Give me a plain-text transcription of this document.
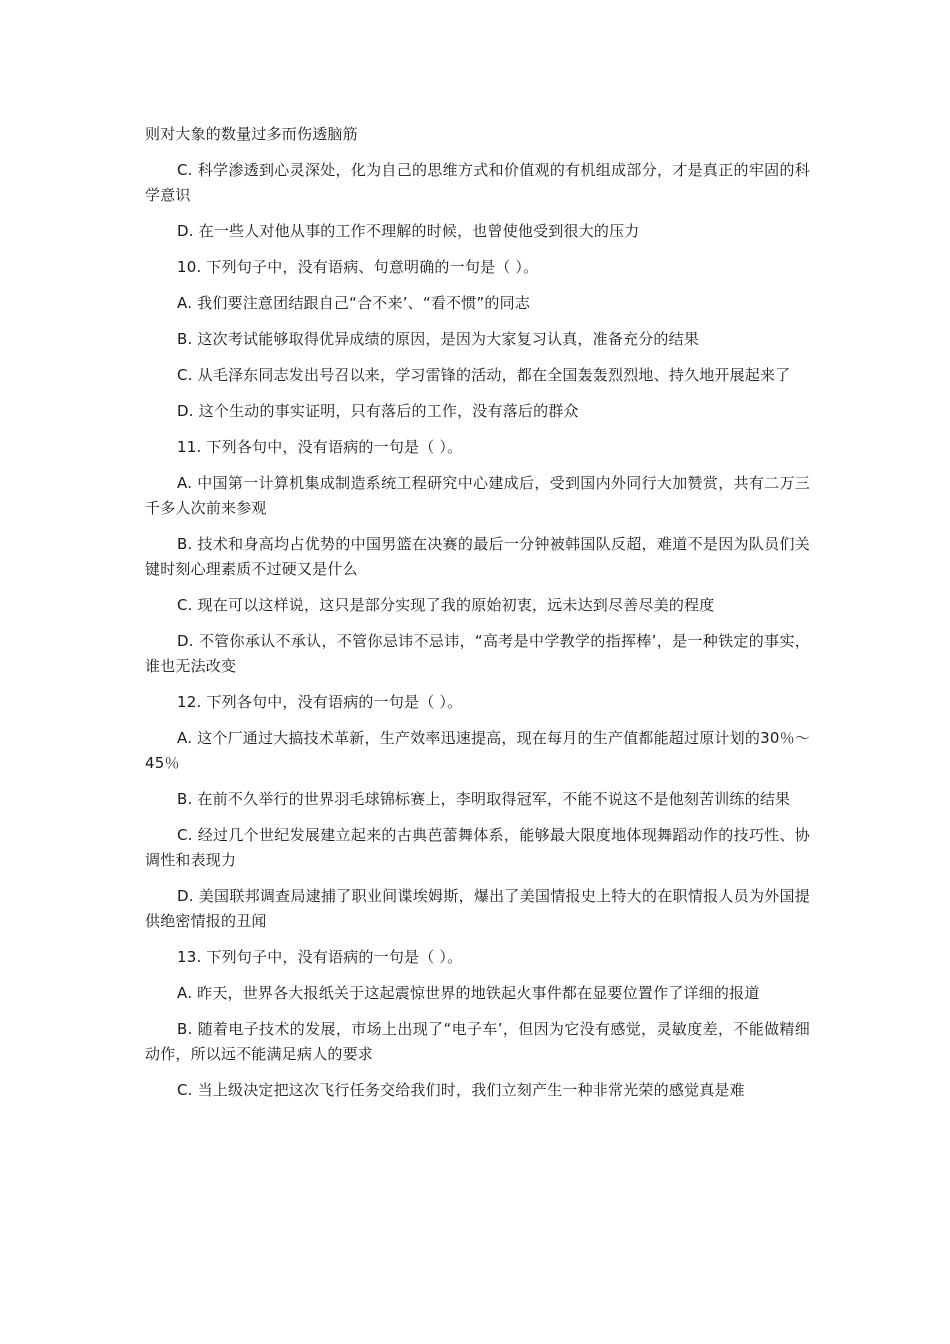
则对大象的数量过多而伤透脑筋

C. 科学渗透到心灵深处，化为自己的思维方式和价值观的有机组成部分，才是真正的牢固的科学意识

D. 在一些人对他从事的工作不理解的时候，也曾使他受到很大的压力

10. 下列句子中，没有语病、句意明确的一句是（ ）。

A. 我们要注意团结跟自己“合不来’、“看不惯”的同志

B. 这次考试能够取得优异成绩的原因，是因为大家复习认真，准备充分的结果

C. 从毛泽东同志发出号召以来，学习雷锋的活动，都在全国轰轰烈烈地、持久地开展起来了

D. 这个生动的事实证明，只有落后的工作，没有落后的群众

11. 下列各句中，没有语病的一句是（ ）。

A. 中国第一计算机集成制造系统工程研究中心建成后，受到国内外同行大加赞赏，共有二万三千多人次前来参观

B. 技术和身高均占优势的中国男篮在决赛的最后一分钟被韩国队反超，难道不是因为队员们关键时刻心理素质不过硬又是什么

C. 现在可以这样说，这只是部分实现了我的原始初衷，远未达到尽善尽美的程度

D. 不管你承认不承认，不管你忌讳不忌讳，“高考是中学教学的指挥棒’，是一种铁定的事实，谁也无法改变

12. 下列各句中，没有语病的一句是（ ）。

A. 这个厂通过大搞技术革新，生产效率迅速提高，现在每月的生产值都能超过原计划的30％～45％

B. 在前不久举行的世界羽毛球锦标赛上，李明取得冠军，不能不说这不是他刻苦训练的结果

C. 经过几个世纪发展建立起来的古典芭蕾舞体系，能够最大限度地体现舞蹈动作的技巧性、协调性和表现力

D. 美国联邦调查局逮捕了职业间谍埃姆斯，爆出了美国情报史上特大的在职情报人员为外国提供绝密情报的丑闻

13. 下列句子中，没有语病的一句是（ ）。

A. 昨天，世界各大报纸关于这起震惊世界的地铁起火事件都在显要位置作了详细的报道

B. 随着电子技术的发展，市场上出现了“电子车’，但因为它没有感觉，灵敏度差，不能做精细动作，所以远不能满足病人的要求

C. 当上级决定把这次飞行任务交给我们时，我们立刻产生一种非常光荣的感觉真是难
